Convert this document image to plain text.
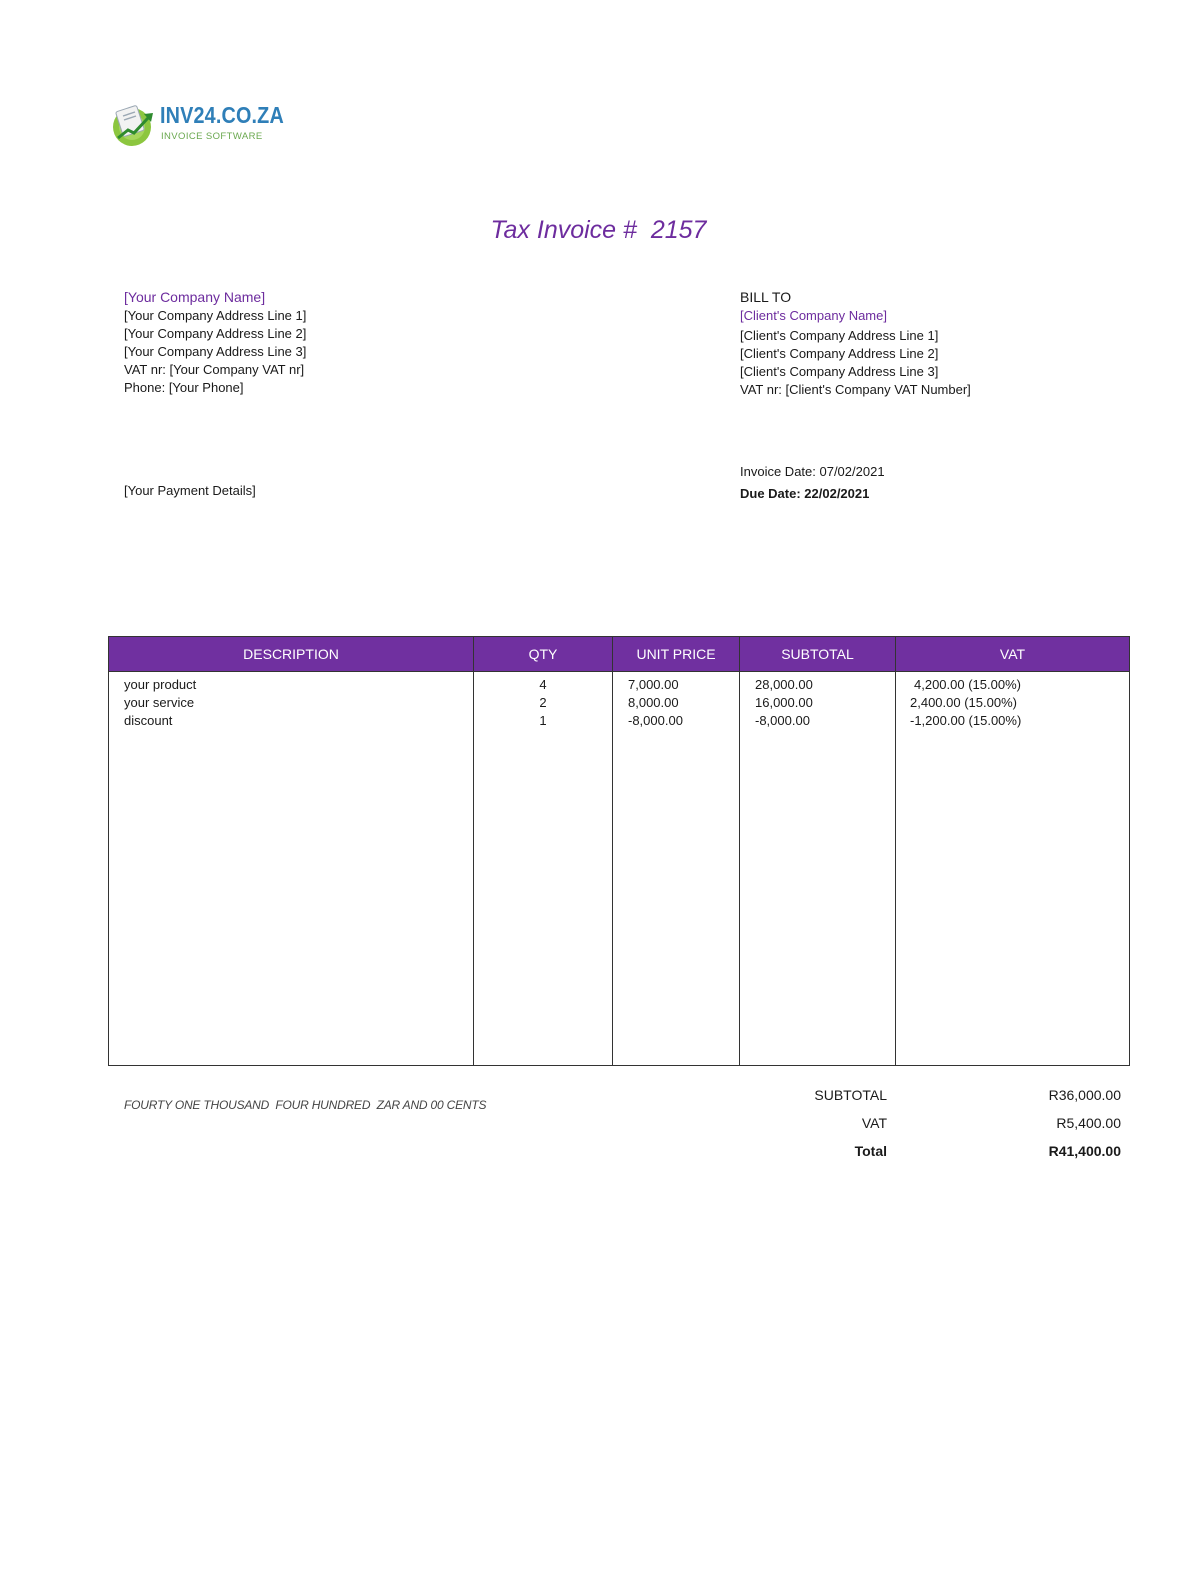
INV24.CO.ZA
INVOICE SOFTWARE
Tax Invoice #  2157
[Your Company Name]
[Your Company Address Line 1]
[Your Company Address Line 2]
[Your Company Address Line 3]
VAT nr: [Your Company VAT nr]
Phone: [Your Phone]
BILL TO
[Client's Company Name]
[Client's Company Address Line 1]
[Client's Company Address Line 2]
[Client's Company Address Line 3]
VAT nr: [Client's Company VAT Number]
[Your Payment Details]
Invoice Date: 07/02/2021
Due Date: 22/02/2021
DESCRIPTION	QTY	UNIT PRICE	SUBTOTAL	VAT
your product	4	7,000.00	28,000.00	4,200.00 (15.00%)
your service	2	8,000.00	16,000.00	2,400.00 (15.00%)
discount	1	-8,000.00	-8,000.00	-1,200.00 (15.00%)
FOURTY ONE THOUSAND  FOUR HUNDRED  ZAR AND 00 CENTS
SUBTOTAL	R36,000.00
VAT	R5,400.00
Total	R41,400.00
